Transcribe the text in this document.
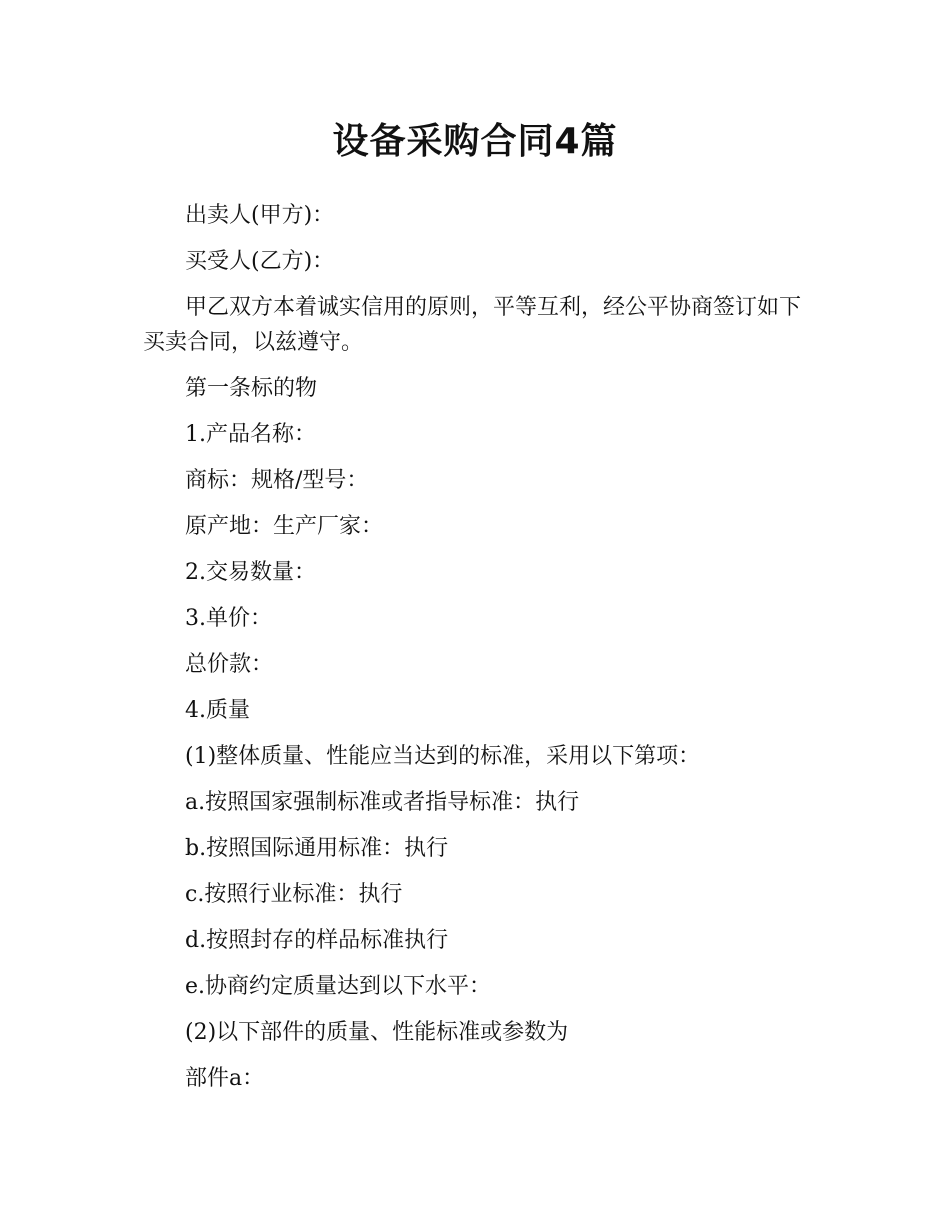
设备采购合同4篇

出卖人(甲方)：

买受人(乙方)：

甲乙双方本着诚实信用的原则，平等互利，经公平协商签订如下买卖合同，以兹遵守。

第一条标的物

1.产品名称：

商标：规格/型号：

原产地：生产厂家：

2.交易数量：

3.单价：

总价款：

4.质量

(1)整体质量、性能应当达到的标准，采用以下第项：

a.按照国家强制标准或者指导标准：执行

b.按照国际通用标准：执行

c.按照行业标准：执行

d.按照封存的样品标准执行

e.协商约定质量达到以下水平：

(2)以下部件的质量、性能标准或参数为

部件a：
